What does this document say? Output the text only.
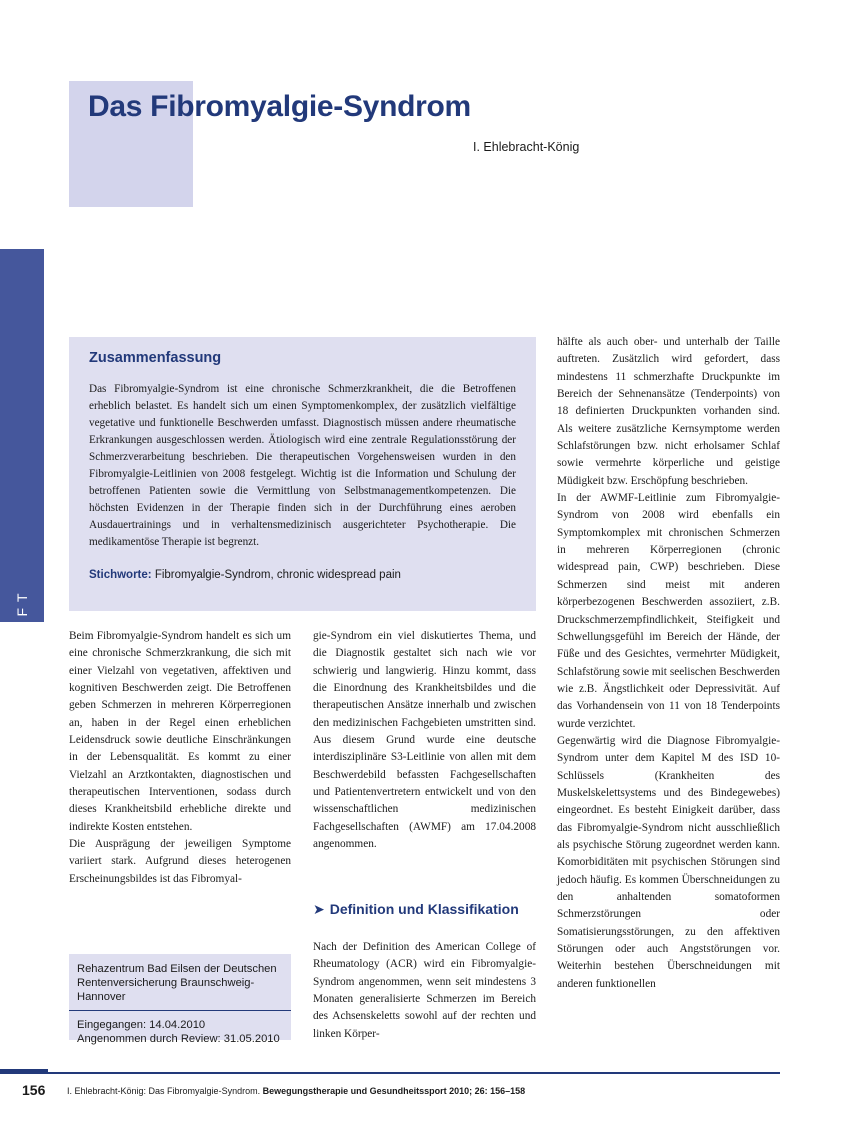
Das Fibromyalgie-Syndrom
I. Ehlebracht-König
WISSENSCHAFT
Zusammenfassung

Das Fibromyalgie-Syndrom ist eine chronische Schmerzkrankheit, die die Betroffenen erheblich belastet. Es handelt sich um einen Symptomenkomplex, der zusätzlich vielfältige vegetative und funktionelle Beschwerden umfasst. Diagnostisch müssen andere rheumatische Erkrankungen ausgeschlossen werden. Ätiologisch wird eine zentrale Regulationsstörung der Schmerzverarbeitung beschrieben. Die therapeutischen Vorgehensweisen wurden in den Fibromyalgie-Leitlinien von 2008 festgelegt. Wichtig ist die Information und Schulung der betroffenen Patienten sowie die Vermittlung von Selbstmanagementkompetenzen. Die höchsten Evidenzen in der Therapie finden sich in der Durchführung eines aeroben Ausdauertrainings und in verhaltensmedizinisch ausgerichteter Psychotherapie. Die medikamentöse Therapie ist begrenzt.

Stichworte: Fibromyalgie-Syndrom, chronic widespread pain

Beim Fibromyalgie-Syndrom handelt es sich um eine chronische Schmerzkrankung, die sich mit einer Vielzahl von vegetativen, affektiven und kognitiven Beschwerden zeigt. Die Betroffenen geben Schmerzen in mehreren Körperregionen an, haben in der Regel einen erheblichen Leidensdruck sowie deutliche Einschränkungen in der Lebensqualität. Es kommt zu einer Vielzahl an Arztkontakten, diagnostischen und therapeutischen Interventionen, sodass durch dieses Krankheitsbild erhebliche direkte und indirekte Kosten entstehen.

Die Ausprägung der jeweiligen Symptome variiert stark. Aufgrund dieses heterogenen Erscheinungsbildes ist das Fibromyal-

gie-Syndrom ein viel diskutiertes Thema, und die Diagnostik gestaltet sich nach wie vor schwierig und langwierig. Hinzu kommt, dass die Einordnung des Krankheitsbildes und die therapeutischen Ansätze innerhalb und zwischen den medizinischen Fachgebieten umstritten sind. Aus diesem Grund wurde eine deutsche interdisziplinäre S3-Leitlinie von allen mit dem Beschwerdebild befassten Fachgesellschaften und Patientenvertretern entwickelt und von den wissenschaftlichen medizinischen Fachgesellschaften (AWMF) am 17.04.2008 angenommen.

➤ Definition und Klassifikation

Nach der Definition des American College of Rheumatology (ACR) wird ein Fibromyalgie-Syndrom angenommen, wenn seit mindestens 3 Monaten generalisierte Schmerzen im Bereich des Achsenskeletts sowohl auf der rechten und linken Körper-

hälfte als auch ober- und unterhalb der Taille auftreten. Zusätzlich wird gefordert, dass mindestens 11 schmerzhafte Druckpunkte im Bereich der Sehnenansätze (Tenderpoints) von 18 definierten Druckpunkten vorhanden sind. Als weitere zusätzliche Kernsymptome werden Schlafstörungen bzw. nicht erholsamer Schlaf sowie vermehrte körperliche und geistige Müdigkeit bzw. Erschöpfung beschrieben.

In der AWMF-Leitlinie zum Fibromyalgie-Syndrom von 2008 wird ebenfalls ein Symptomkomplex mit chronischen Schmerzen in mehreren Körperregionen (chronic widespread pain, CWP) beschrieben. Diese Schmerzen sind meist mit anderen körperbezogenen Beschwerden assoziiert, z.B. Druckschmerzempfindlichkeit, Steifigkeit und Schwellungsgefühl im Bereich der Hände, der Füße und des Gesichtes, vermehrter Müdigkeit, Schlafstörung sowie mit seelischen Beschwerden wie z.B. Ängstlichkeit oder Depressivität. Auf das Vorhandensein von 11 von 18 Tenderpoints wurde verzichtet.

Gegenwärtig wird die Diagnose Fibromyalgie-Syndrom unter dem Kapitel M des ISD 10-Schlüssels (Krankheiten des Muskelskelettsystems und des Bindegewebes) eingeordnet. Es besteht Einigkeit darüber, dass das Fibromyalgie-Syndrom nicht ausschließlich als psychische Störung zugeordnet werden kann. Komorbiditäten mit psychischen Störungen sind jedoch häufig. Es kommen Überschneidungen zu den anhaltenden somatoformen Schmerzstörungen oder Somatisierungsstörungen, zu den affektiven Störungen oder auch Angststörungen vor. Weiterhin bestehen Überschneidungen mit anderen funktionellen

Rehazentrum Bad Eilsen der Deutschen Rentenversicherung Braunschweig-Hannover
Eingegangen: 14.04.2010
Angenommen durch Review: 31.05.2010
156 I. Ehlebracht-König: Das Fibromyalgie-Syndrom. Bewegungstherapie und Gesundheitssport 2010; 26: 156–158
